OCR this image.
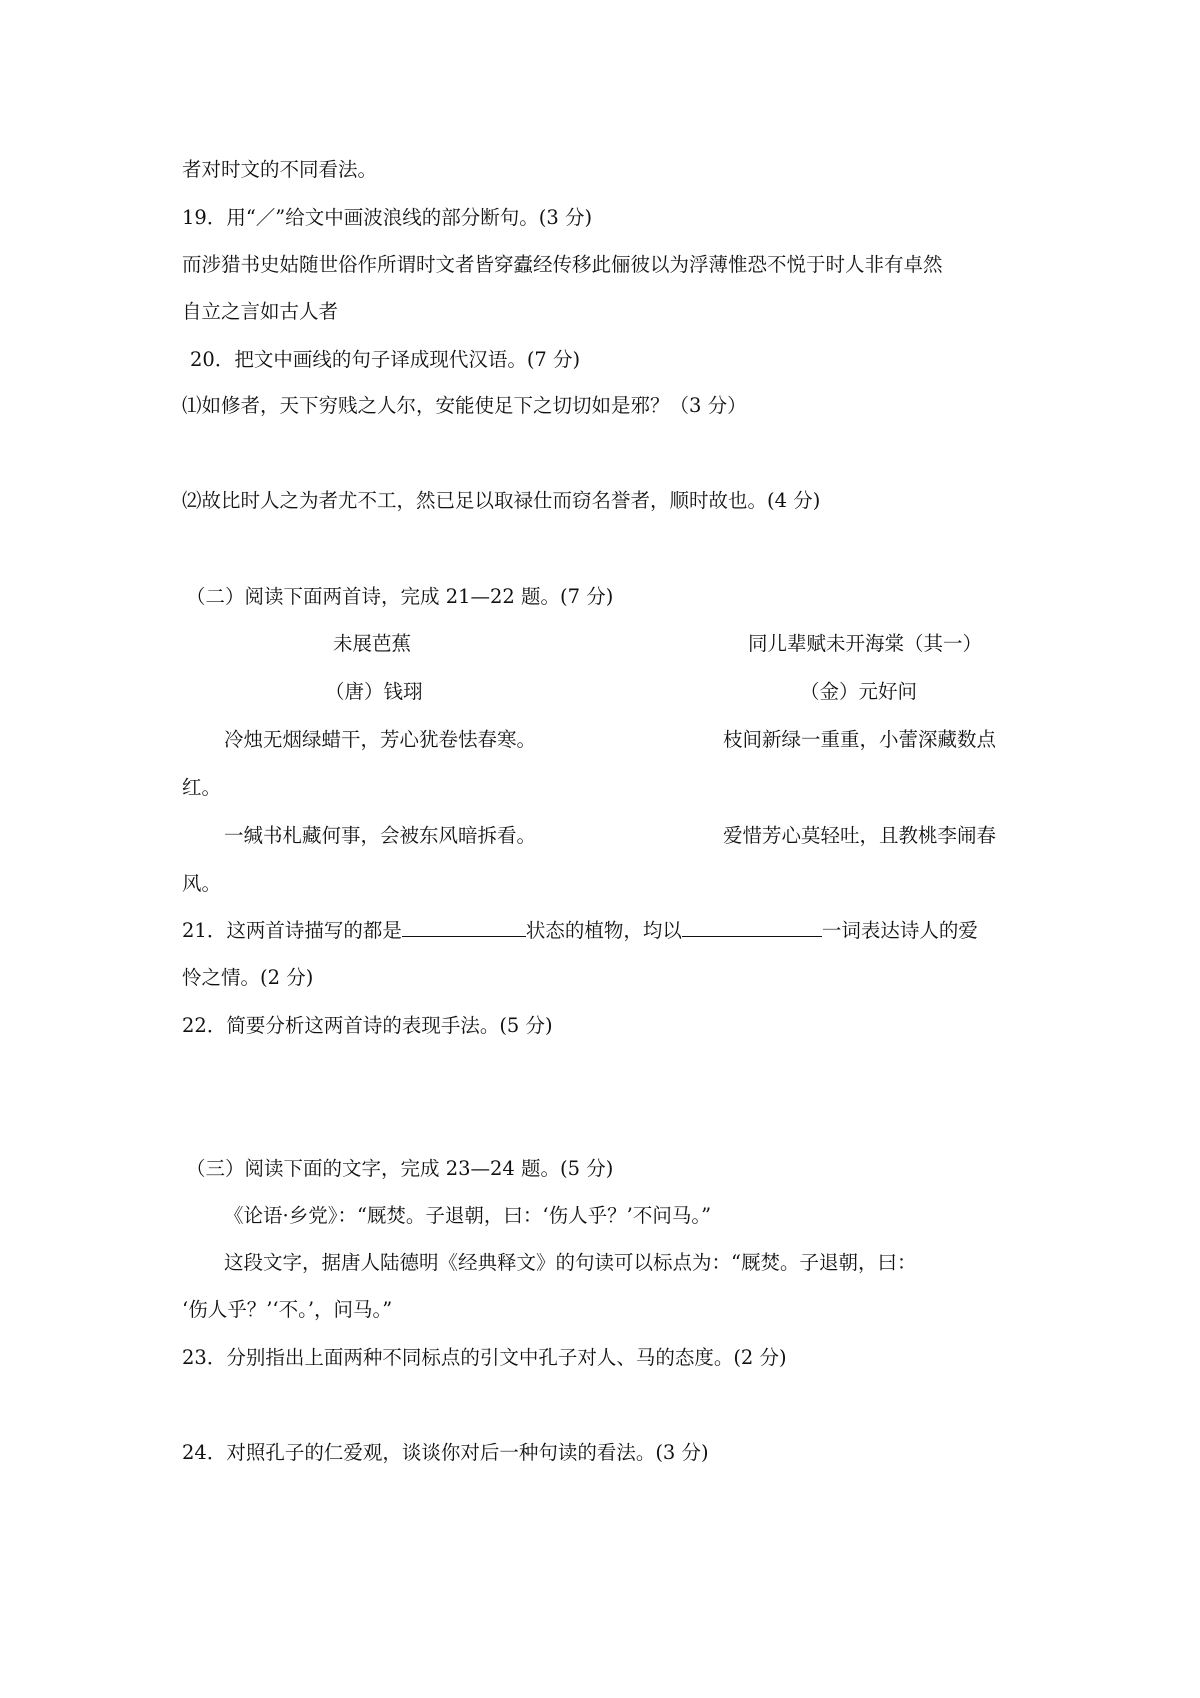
者对时文的不同看法。
19．用“／”给文中画波浪线的部分断句。(3 分)
而涉猎书史姑随世俗作所谓时文者皆穿蠹经传移此俪彼以为浮薄惟恐不悦于时人非有卓然
自立之言如古人者
20．把文中画线的句子译成现代汉语。(7 分)
⑴如修者，天下穷贱之人尔，安能使足下之切切如是邪？（3 分）
⑵故比时人之为者尤不工，然已足以取禄仕而窃名誉者，顺时故也。(4 分)
（二）阅读下面两首诗，完成 21—22 题。(7 分)
未展芭蕉	同儿辈赋未开海棠（其一）
（唐）钱珝	（金）元好问
冷烛无烟绿蜡干，芳心犹卷怯春寒。	枝间新绿一重重，小蕾深藏数点
红。
一缄书札藏何事，会被东风暗拆看。	爱惜芳心莫轻吐，且教桃李闹春
风。
21．这两首诗描写的都是	状态的植物，均以	一词表达诗人的爱
怜之情。(2 分)
22．简要分析这两首诗的表现手法。(5 分)
（三）阅读下面的文字，完成 23—24 题。(5 分)
《论语·乡党》：“厩焚。子退朝，曰：‘伤人乎？’不问马。”
这段文字，据唐人陆德明《经典释文》的句读可以标点为：“厩焚。子退朝，曰：
‘伤人乎？’‘不。’，问马。”
23．分别指出上面两种不同标点的引文中孔子对人、马的态度。(2 分)
24．对照孔子的仁爱观，谈谈你对后一种句读的看法。(3 分)
